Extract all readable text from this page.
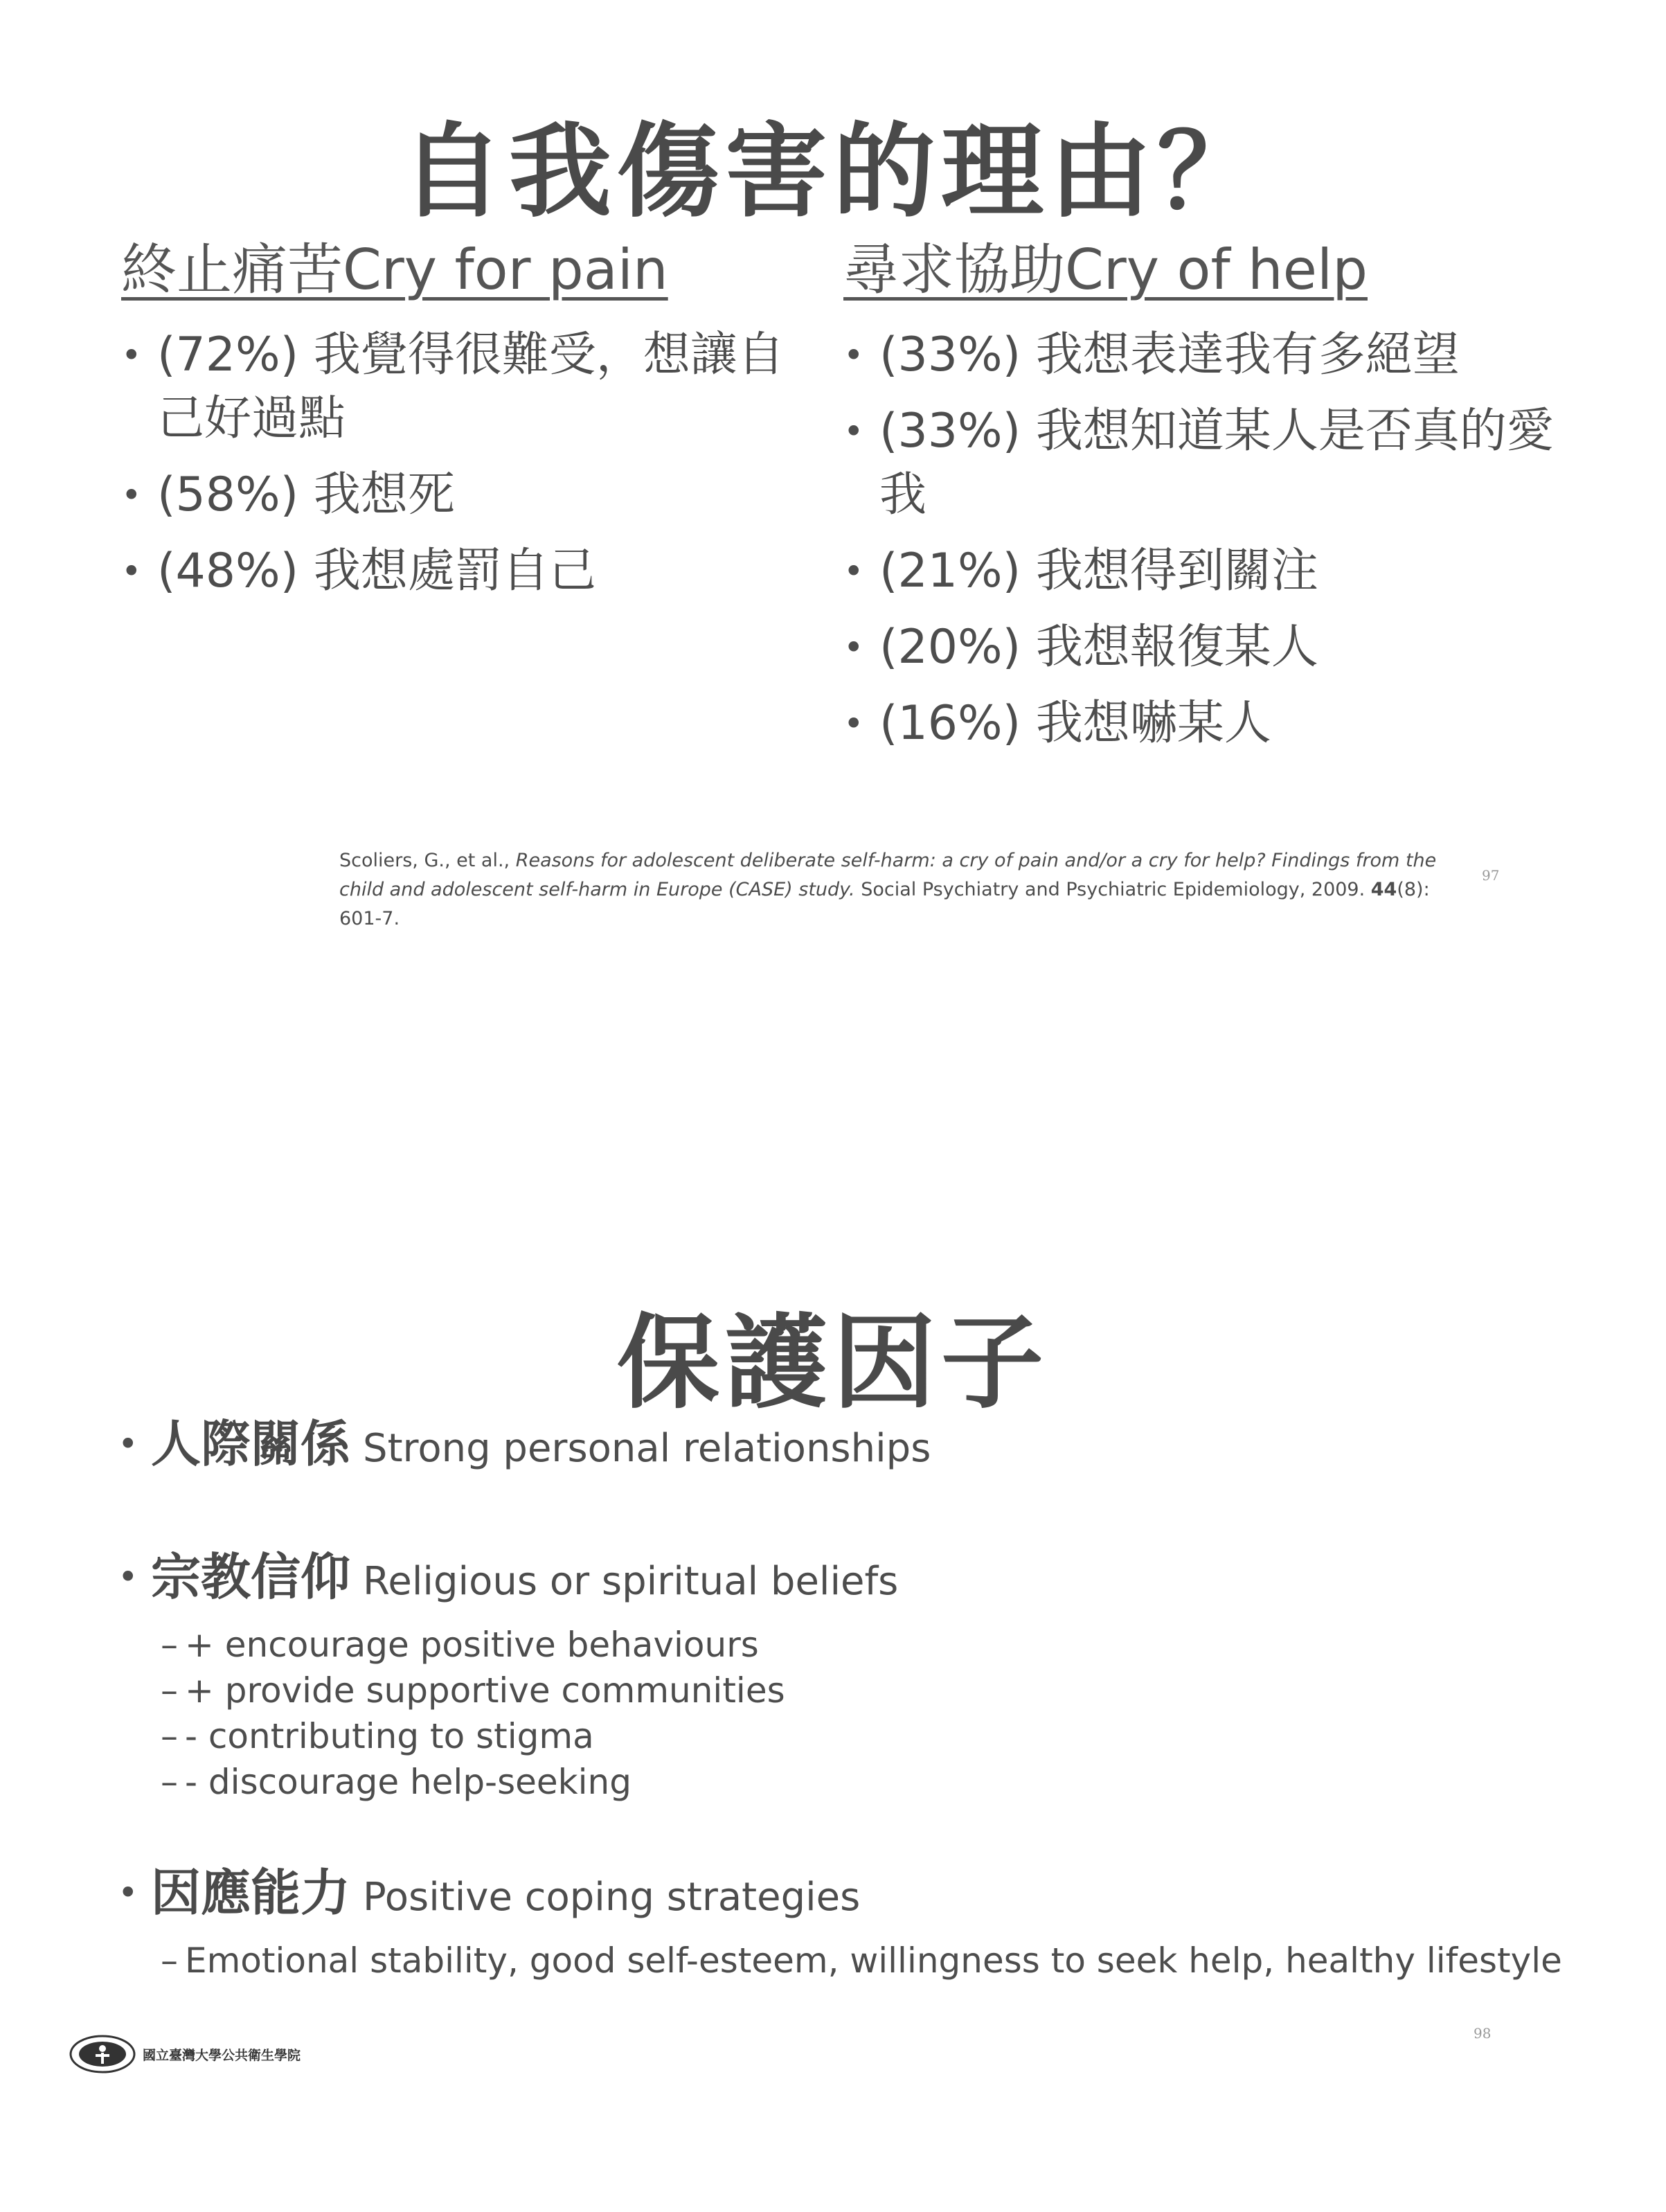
自我傷害的理由？
終止痛苦Cry for pain
• (72%) 我覺得很難受，想讓自己好過點
• (58%) 我想死
• (48%) 我想處罰自己
尋求協助Cry of help
• (33%) 我想表達我有多絕望
• (33%) 我想知道某人是否真的愛我
• (21%) 我想得到關注
• (20%) 我想報復某人
• (16%) 我想嚇某人
Scoliers, G., et al., Reasons for adolescent deliberate self-harm: a cry of pain and/or a cry for help? Findings from the child and adolescent self-harm in Europe (CASE) study. Social Psychiatry and Psychiatric Epidemiology, 2009. 44(8): 601-7.
97
保護因子
• 人際關係 Strong personal relationships
• 宗教信仰 Religious or spiritual beliefs
– + encourage positive behaviours
– + provide supportive communities
– - contributing to stigma
– - discourage help-seeking
• 因應能力 Positive coping strategies
– Emotional stability, good self-esteem, willingness to seek help, healthy lifestyle
國立臺灣大學公共衛生學院
98
